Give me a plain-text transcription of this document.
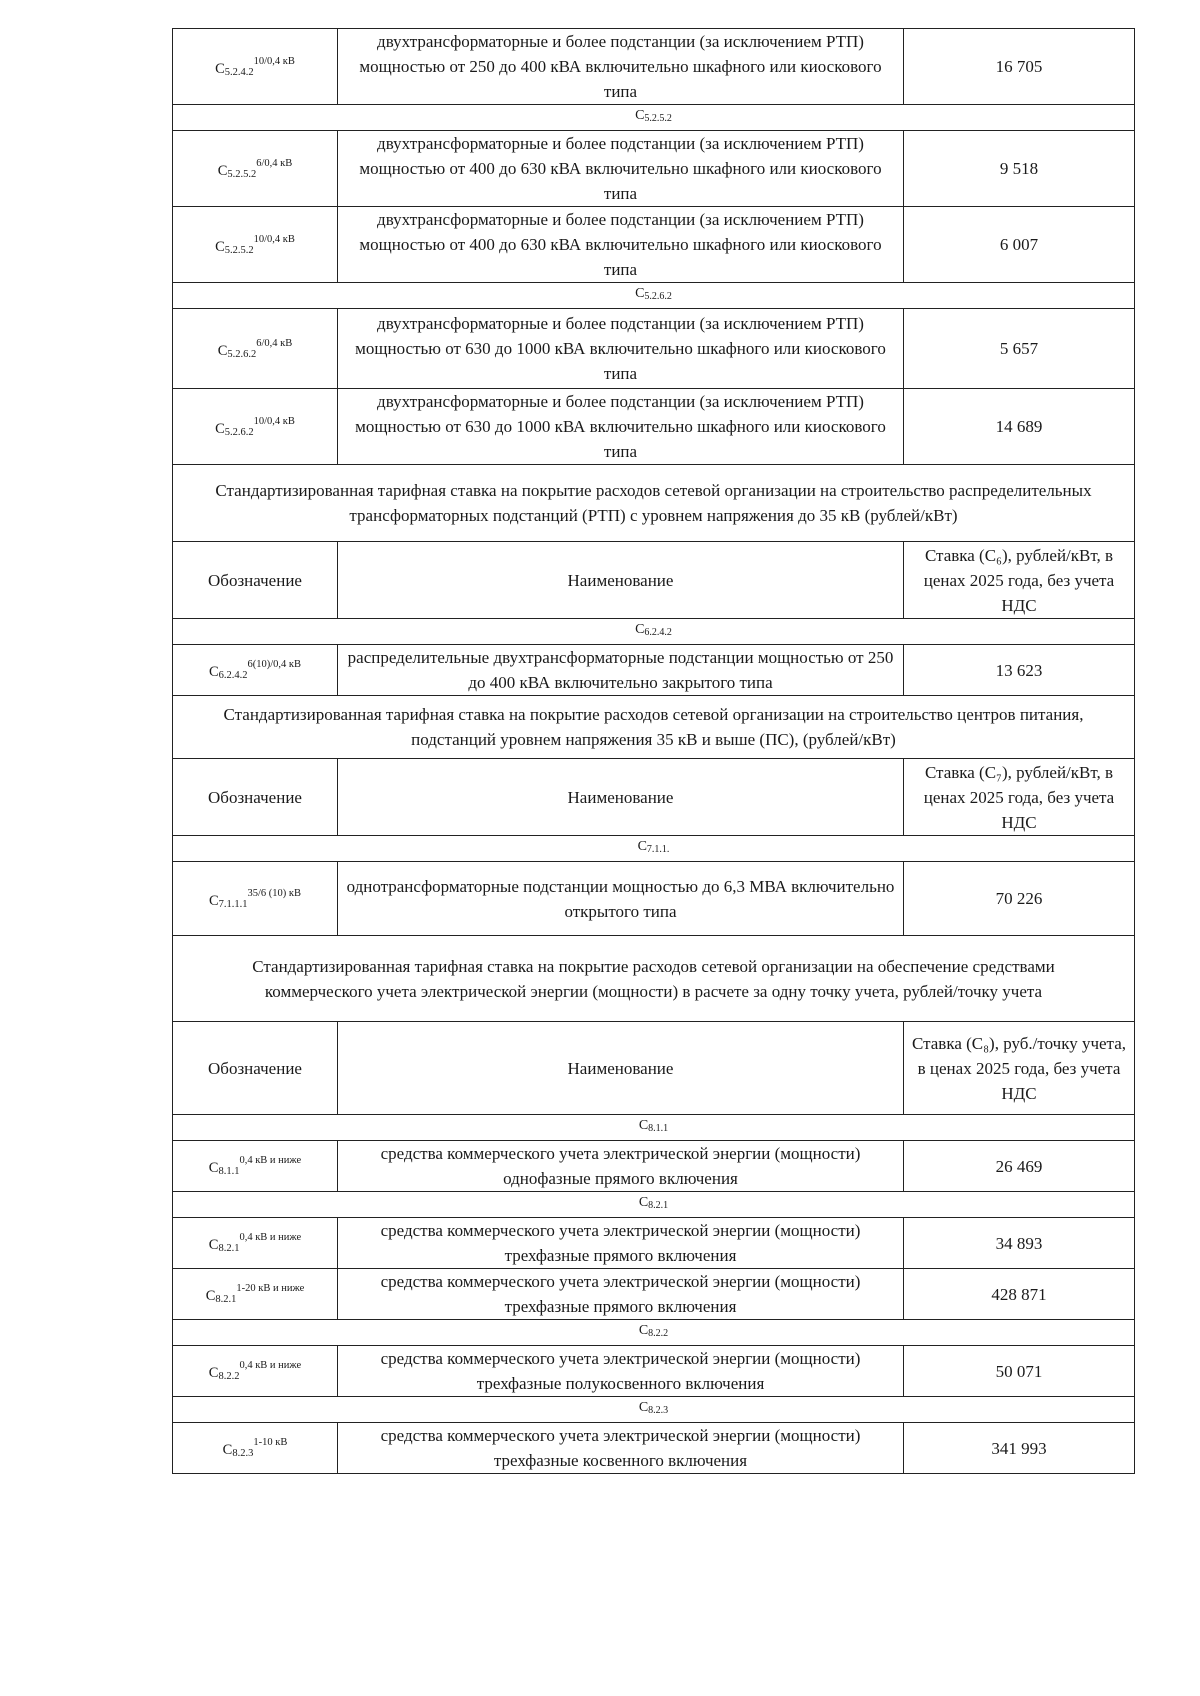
$C_{5.2.4.2}^{10/0,4 кВ}$	двухтрансформаторные и более подстанции (за исключением РТП) мощностью от 250 до 400 кВА включительно шкафного или киоскового типа	16 705
$C_{5.2.5.2}$
$C_{5.2.5.2}^{6/0,4 кВ}$	двухтрансформаторные и более подстанции (за исключением РТП) мощностью от 400 до 630 кВА включительно шкафного или киоскового типа	9 518
$C_{5.2.5.2}^{10/0,4 кВ}$	двухтрансформаторные и более подстанции (за исключением РТП) мощностью от 400 до 630 кВА включительно шкафного или киоскового типа	6 007
$C_{5.2.6.2}$
$C_{5.2.6.2}^{6/0,4 кВ}$	двухтрансформаторные и более подстанции (за исключением РТП) мощностью от 630 до 1000 кВА включительно шкафного или киоскового типа	5 657
$C_{5.2.6.2}^{10/0,4 кВ}$	двухтрансформаторные и более подстанции (за исключением РТП) мощностью от 630 до 1000 кВА включительно шкафного или киоскового типа	14 689
Стандартизированная тарифная ставка на покрытие расходов сетевой организации на строительство распределительных трансформаторных подстанций (РТП) с уровнем напряжения до 35 кВ (рублей/кВт)		
Обозначение	Наименование	Ставка (C₆), рублей/кВт, в ценах 2025 года, без учета НДС
$C_{6.2.4.2}$
$C_{6.2.4.2}^{6(10)/0,4 кВ}$	распределительные двухтрансформаторные подстанции мощностью от 250 до 400 кВА включительно закрытого типа	13 623
Стандартизированная тарифная ставка на покрытие расходов сетевой организации на строительство центров питания, подстанций уровнем напряжения 35 кВ и выше (ПС), (рублей/кВт)		
Обозначение	Наименование	Ставка (C₇), рублей/кВт, в ценах 2025 года, без учета НДС
$C_{7.1.1.}$
$C_{7.1.1.1}^{35/6 (10) кВ}$	однотрансформаторные подстанции мощностью до 6,3 МВА включительно открытого типа	70 226
Стандартизированная тарифная ставка на покрытие расходов сетевой организации на обеспечение средствами коммерческого учета электрической энергии (мощности) в расчете за одну точку учета, рублей/точку учета		
Обозначение	Наименование	Ставка (C₈), руб./точку учета, в ценах 2025 года, без учета НДС
$C_{8.1.1}$
$C_{8.1.1}^{0,4 кВ и ниже}$	средства коммерческого учета электрической энергии (мощности) однофазные прямого включения	26 469
$C_{8.2.1}$
$C_{8.2.1}^{0,4 кВ и ниже}$	средства коммерческого учета электрической энергии (мощности) трехфазные прямого включения	34 893
$C_{8.2.1}^{1-20 кВ и ниже}$	средства коммерческого учета электрической энергии (мощности) трехфазные прямого включения	428 871
$C_{8.2.2}$
$C_{8.2.2}^{0,4 кВ и ниже}$	средства коммерческого учета электрической энергии (мощности) трехфазные полукосвенного включения	50 071
$C_{8.2.3}$
$C_{8.2.3}^{1-10 кВ}$	средства коммерческого учета электрической энергии (мощности) трехфазные косвенного включения	341 993
